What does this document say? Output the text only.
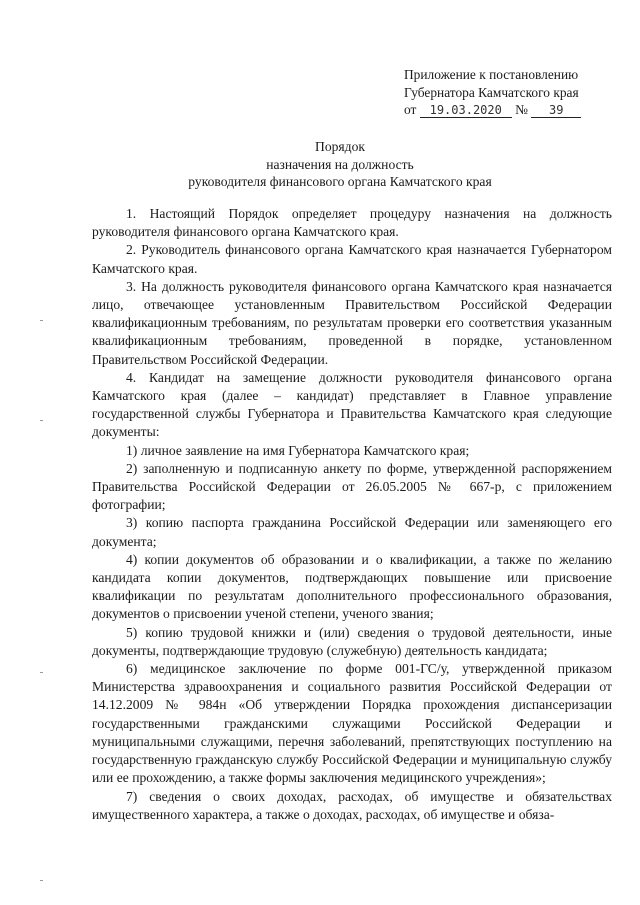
Приложение к постановлению
Губернатора Камчатского края
от 19.03.2020 № 39
Порядок
назначения на должность
руководителя финансового органа Камчатского края

1. Настоящий Порядок определяет процедуру назначения на должность руководителя финансового органа Камчатского края.

2. Руководитель финансового органа Камчатского края назначается Губернатором Камчатского края.

3. На должность руководителя финансового органа Камчатского края назначается лицо, отвечающее установленным Правительством Российской Федерации квалификационным требованиям, по результатам проверки его соответствия указанным квалификационным требованиям, проведенной в порядке, установленном Правительством Российской Федерации.

4. Кандидат на замещение должности руководителя финансового органа Камчатского края (далее – кандидат) представляет в Главное управление государственной службы Губернатора и Правительства Камчатского края следующие документы:

1) личное заявление на имя Губернатора Камчатского края;

2) заполненную и подписанную анкету по форме, утвержденной распоряжением Правительства Российской Федерации от 26.05.2005 № 667-р, с приложением фотографии;

3) копию паспорта гражданина Российской Федерации или заменяющего его документа;

4) копии документов об образовании и о квалификации, а также по желанию кандидата копии документов, подтверждающих повышение или присвоение квалификации по результатам дополнительного профессионального образования, документов о присвоении ученой степени, ученого звания;

5) копию трудовой книжки и (или) сведения о трудовой деятельности, иные документы, подтверждающие трудовую (служебную) деятельность кандидата;

6) медицинское заключение по форме 001-ГС/у, утвержденной приказом Министерства здравоохранения и социального развития Российской Федерации от 14.12.2009 № 984н «Об утверждении Порядка прохождения диспансеризации государственными гражданскими служащими Российской Федерации и муниципальными служащими, перечня заболеваний, препятствующих поступлению на государственную гражданскую службу Российской Федерации и муниципальную службу или ее прохождению, а также формы заключения медицинского учреждения»;

7) сведения о своих доходах, расходах, об имуществе и обязательствах имущественного характера, а также о доходах, расходах, об имуществе и обяза-
